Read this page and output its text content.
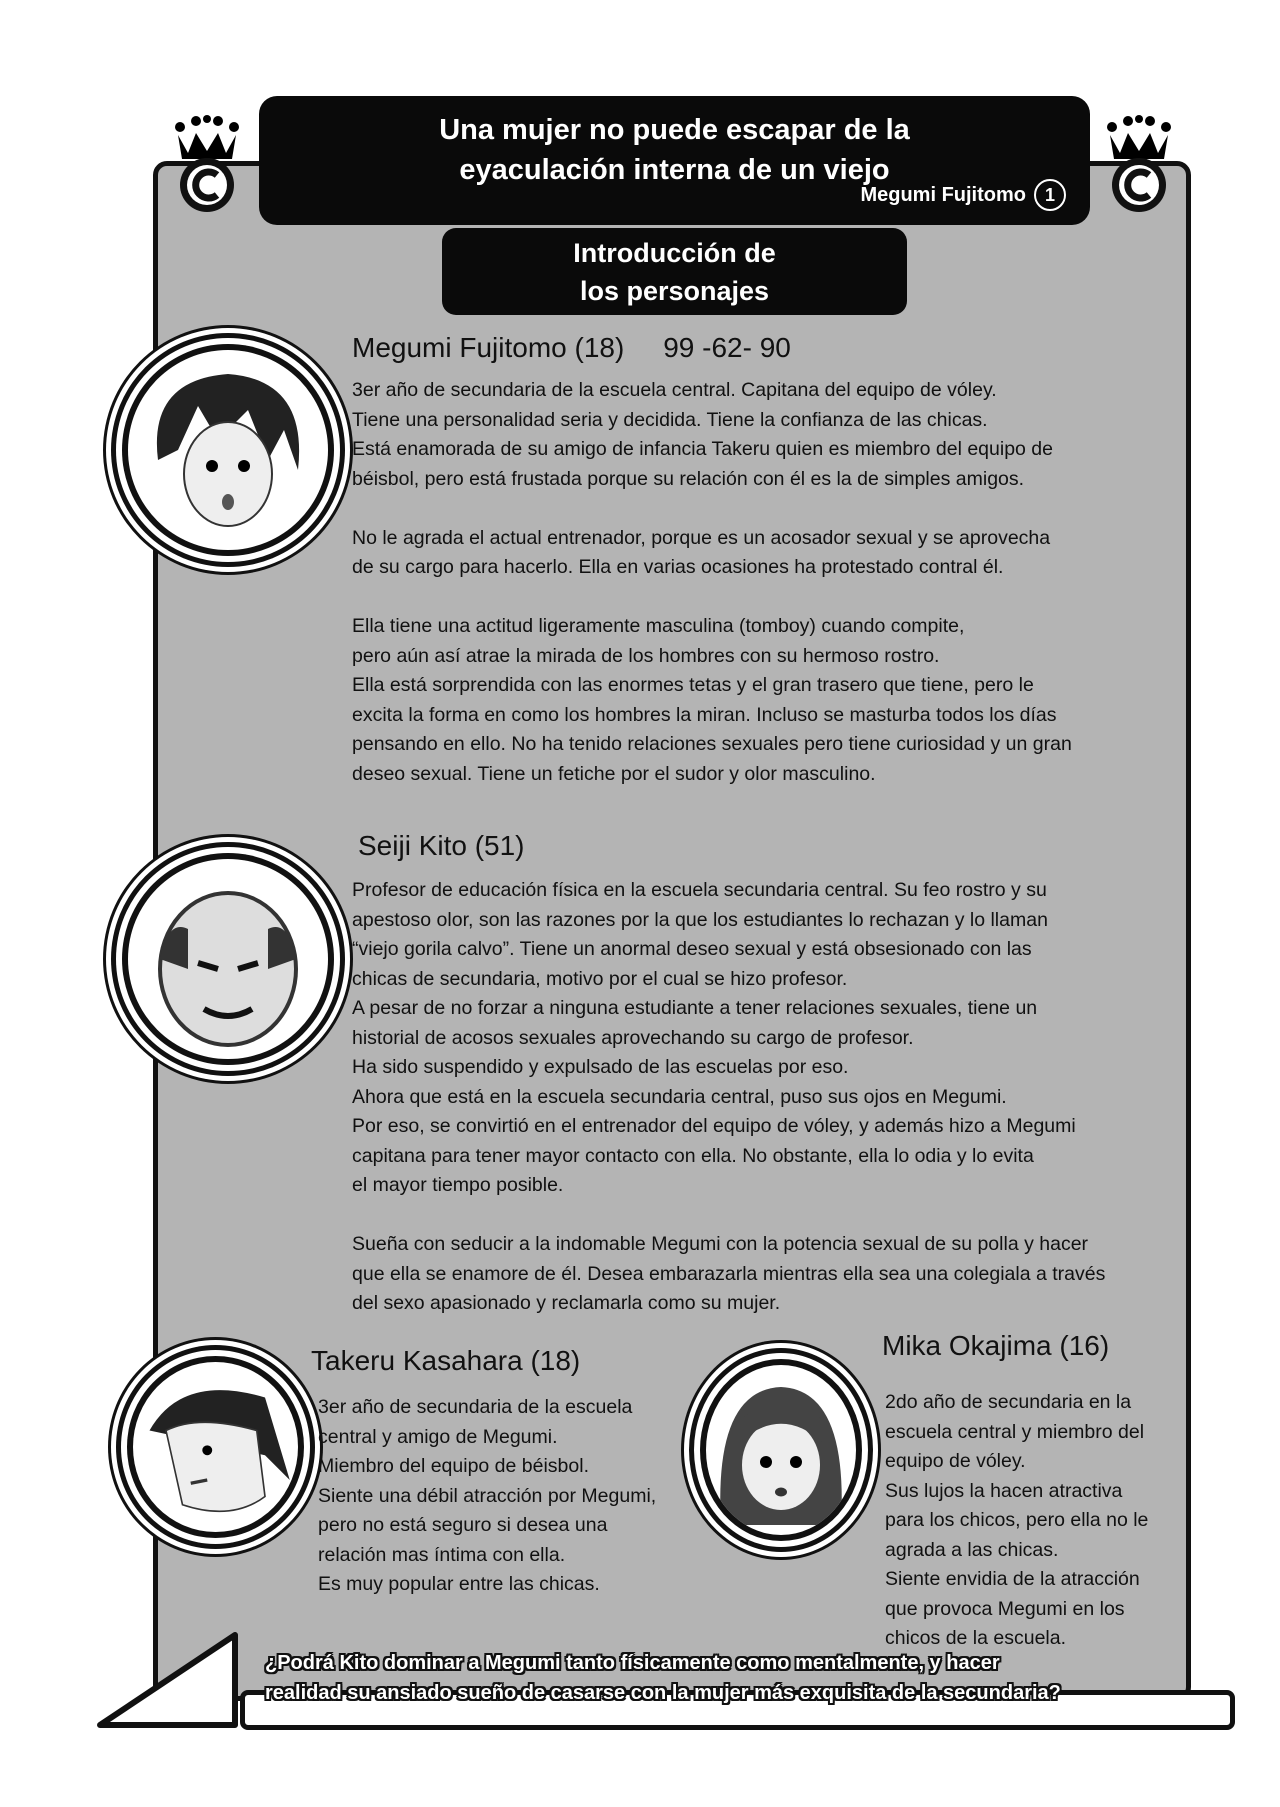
Una mujer no puede escapar de la
eyaculación interna de un viejo
Megumi Fujitomo	1
Introducción de
los personajes
Megumi Fujitomo (18) 99 -62- 90
3er año de secundaria de la escuela central. Capitana del equipo de vóley.
Tiene una personalidad seria y decidida. Tiene la confianza de las chicas.
Está enamorada de su amigo de infancia Takeru quien es miembro del equipo de
béisbol, pero está frustada porque su relación con él es la de simples amigos.
No le agrada el actual entrenador, porque es un acosador sexual y se aprovecha
de su cargo para hacerlo. Ella en varias ocasiones ha protestado contral él.
Ella tiene una actitud ligeramente masculina (tomboy) cuando compite,
pero aún así atrae la mirada de los hombres con su hermoso rostro.
Ella está sorprendida con las enormes tetas y el gran trasero que tiene, pero le
excita la forma en como los hombres la miran. Incluso se masturba todos los días
pensando en ello. No ha tenido relaciones sexuales pero tiene curiosidad y un gran
deseo sexual. Tiene un fetiche por el sudor y olor masculino.
Seiji Kito (51)
Profesor de educación física en la escuela secundaria central. Su feo rostro y su
apestoso olor, son las razones por la que los estudiantes lo rechazan y lo llaman
“viejo gorila calvo”. Tiene un anormal deseo sexual y está obsesionado con las
chicas de secundaria, motivo por el cual se hizo profesor.
A pesar de no forzar a ninguna estudiante a tener relaciones sexuales, tiene un
historial de acosos sexuales aprovechando su cargo de profesor.
Ha sido suspendido y expulsado de las escuelas por eso.
Ahora que está en la escuela secundaria central, puso sus ojos en Megumi.
Por eso, se convirtió en el entrenador del equipo de vóley, y además hizo a Megumi
capitana para tener mayor contacto con ella. No obstante, ella lo odia y lo evita
el mayor tiempo posible.
Sueña con seducir a la indomable Megumi con la potencia sexual de su polla y hacer
que ella se enamore de él. Desea embarazarla mientras ella sea una colegiala a través
del sexo apasionado y reclamarla como su mujer.
Takeru Kasahara (18)
3er año de secundaria de la escuela
central y amigo de Megumi.
Miembro del equipo de béisbol.
Siente una débil atracción por Megumi,
pero no está seguro si desea una
relación mas íntima con ella.
Es muy popular entre las chicas.
Mika Okajima (16)
2do año de secundaria en la
escuela central y miembro del
equipo de vóley.
Sus lujos la hacen atractiva
para los chicos, pero ella no le
agrada a las chicas.
Siente envidia de la atracción
que provoca Megumi en los
chicos de la escuela.
¿Podrá Kito dominar a Megumi tanto físicamente como mentalmente, y hacer
realidad su ansiado sueño de casarse con la mujer más exquisita de la secundaria?
